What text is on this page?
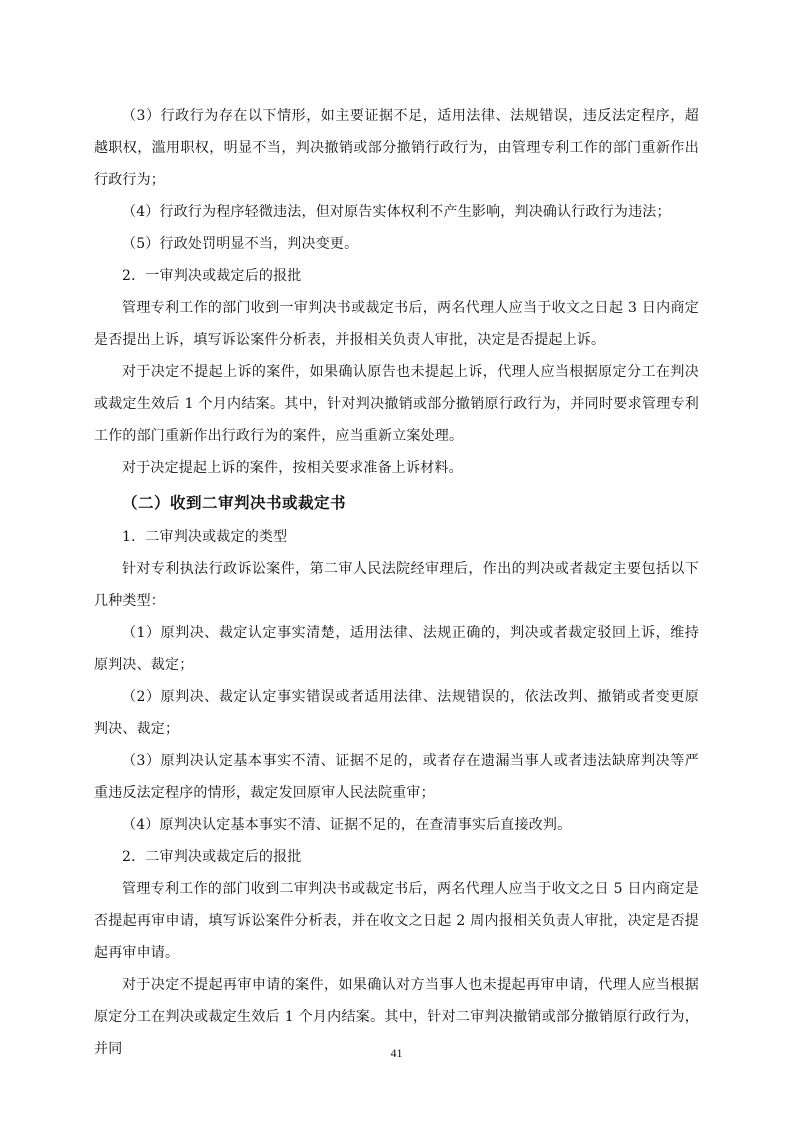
（3）行政行为存在以下情形，如主要证据不足，适用法律、法规错误，违反法定程序，超越职权，滥用职权，明显不当，判决撤销或部分撤销行政行为，由管理专利工作的部门重新作出行政行为；

（4）行政行为程序轻微违法，但对原告实体权利不产生影响，判决确认行政行为违法；

（5）行政处罚明显不当，判决变更。

2．一审判决或裁定后的报批

管理专利工作的部门收到一审判决书或裁定书后，两名代理人应当于收文之日起 3 日内商定是否提出上诉，填写诉讼案件分析表，并报相关负责人审批，决定是否提起上诉。

对于决定不提起上诉的案件，如果确认原告也未提起上诉，代理人应当根据原定分工在判决或裁定生效后 1 个月内结案。其中，针对判决撤销或部分撤销原行政行为，并同时要求管理专利工作的部门重新作出行政行为的案件，应当重新立案处理。

对于决定提起上诉的案件，按相关要求准备上诉材料。

（二）收到二审判决书或裁定书

1．二审判决或裁定的类型

针对专利执法行政诉讼案件，第二审人民法院经审理后，作出的判决或者裁定主要包括以下几种类型：

（1）原判决、裁定认定事实清楚，适用法律、法规正确的，判决或者裁定驳回上诉，维持原判决、裁定；

（2）原判决、裁定认定事实错误或者适用法律、法规错误的，依法改判、撤销或者变更原判决、裁定；

（3）原判决认定基本事实不清、证据不足的，或者存在遗漏当事人或者违法缺席判决等严重违反法定程序的情形，裁定发回原审人民法院重审；

（4）原判决认定基本事实不清、证据不足的，在查清事实后直接改判。

2．二审判决或裁定后的报批

管理专利工作的部门收到二审判决书或裁定书后，两名代理人应当于收文之日 5 日内商定是否提起再审申请，填写诉讼案件分析表，并在收文之日起 2 周内报相关负责人审批，决定是否提起再审申请。

对于决定不提起再审申请的案件，如果确认对方当事人也未提起再审申请，代理人应当根据原定分工在判决或裁定生效后 1 个月内结案。其中，针对二审判决撤销或部分撤销原行政行为，并同	41
